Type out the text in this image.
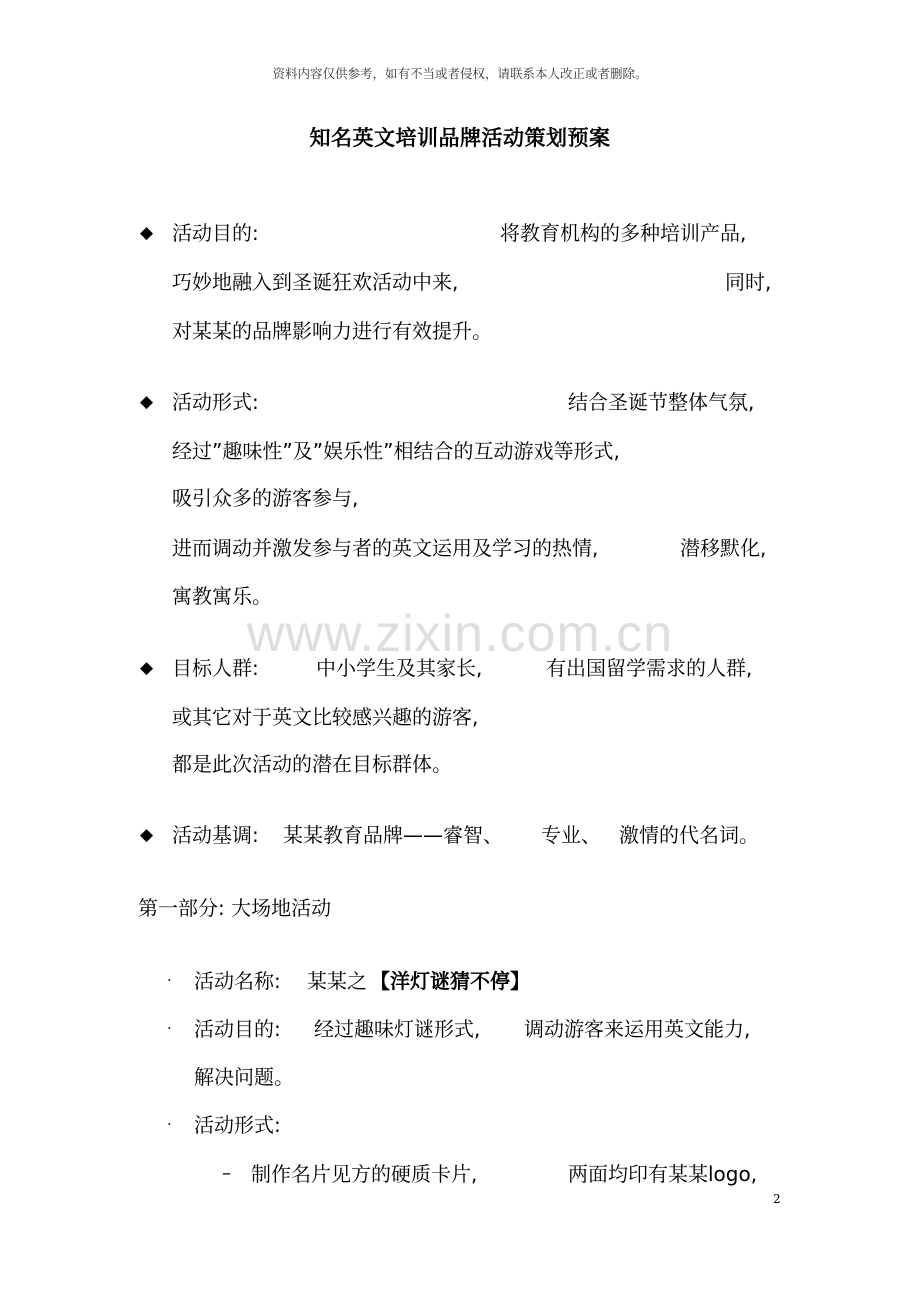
资料内容仅供参考，如有不当或者侵权，请联系本人改正或者删除。
知名英文培训品牌活动策划预案
www.zixin.com.cn
◆ 活动目的:	将教育机构的多种培训产品,
巧妙地融入到圣诞狂欢活动中来,	同时,
对某某的品牌影响力进行有效提升。
◆ 活动形式:	结合圣诞节整体气氛,
经过”趣味性”及”娱乐性”相结合的互动游戏等形式,
吸引众多的游客参与,
进而调动并激发参与者的英文运用及学习的热情,	潜移默化,
寓教寓乐。
◆ 目标人群:	中小学生及其家长,	有出国留学需求的人群,
或其它对于英文比较感兴趣的游客,
都是此次活动的潜在目标群体。
◆ 活动基调: 某某教育品牌——睿智、 专业、 激情的代名词。
第一部分: 大场地活动
· 活动名称: 某某之 【洋灯谜猜不停】
· 活动目的: 经过趣味灯谜形式, 调动游客来运用英文能力,
解决问题。
· 活动形式:
– 制作名片见方的硬质卡片,	两面均印有某某logo,
2
